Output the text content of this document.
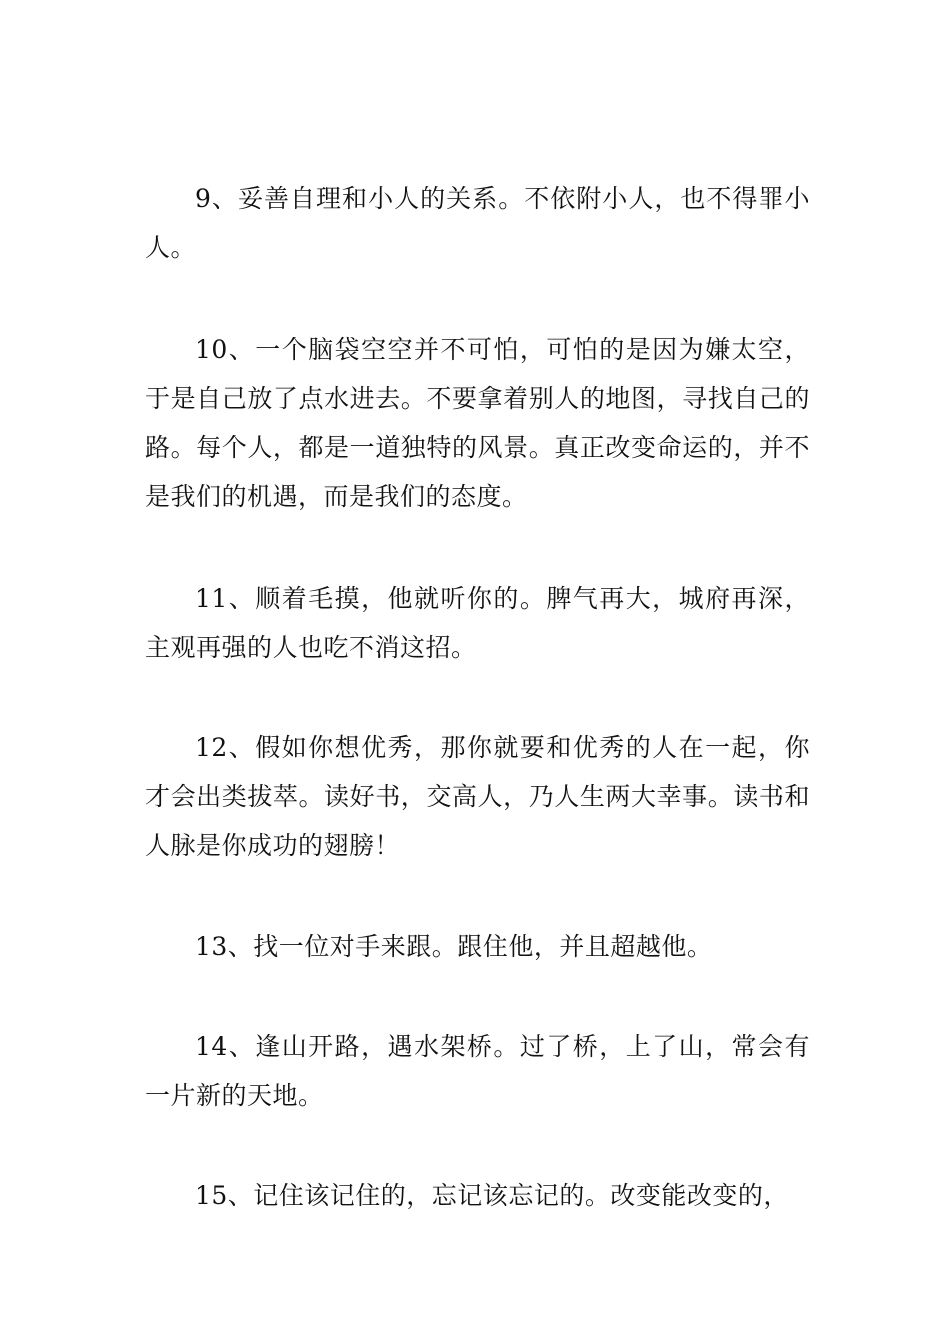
9、妥善自理和小人的关系。不依附小人，也不得罪小人。

10、一个脑袋空空并不可怕，可怕的是因为嫌太空，于是自己放了点水进去。不要拿着别人的地图，寻找自己的路。每个人，都是一道独特的风景。真正改变命运的，并不是我们的机遇，而是我们的态度。

11、顺着毛摸，他就听你的。脾气再大，城府再深，主观再强的人也吃不消这招。

12、假如你想优秀，那你就要和优秀的人在一起，你才会出类拔萃。读好书，交高人，乃人生两大幸事。读书和人脉是你成功的翅膀！

13、找一位对手来跟。跟住他，并且超越他。

14、逢山开路，遇水架桥。过了桥，上了山，常会有一片新的天地。

15、记住该记住的，忘记该忘记的。改变能改变的，
